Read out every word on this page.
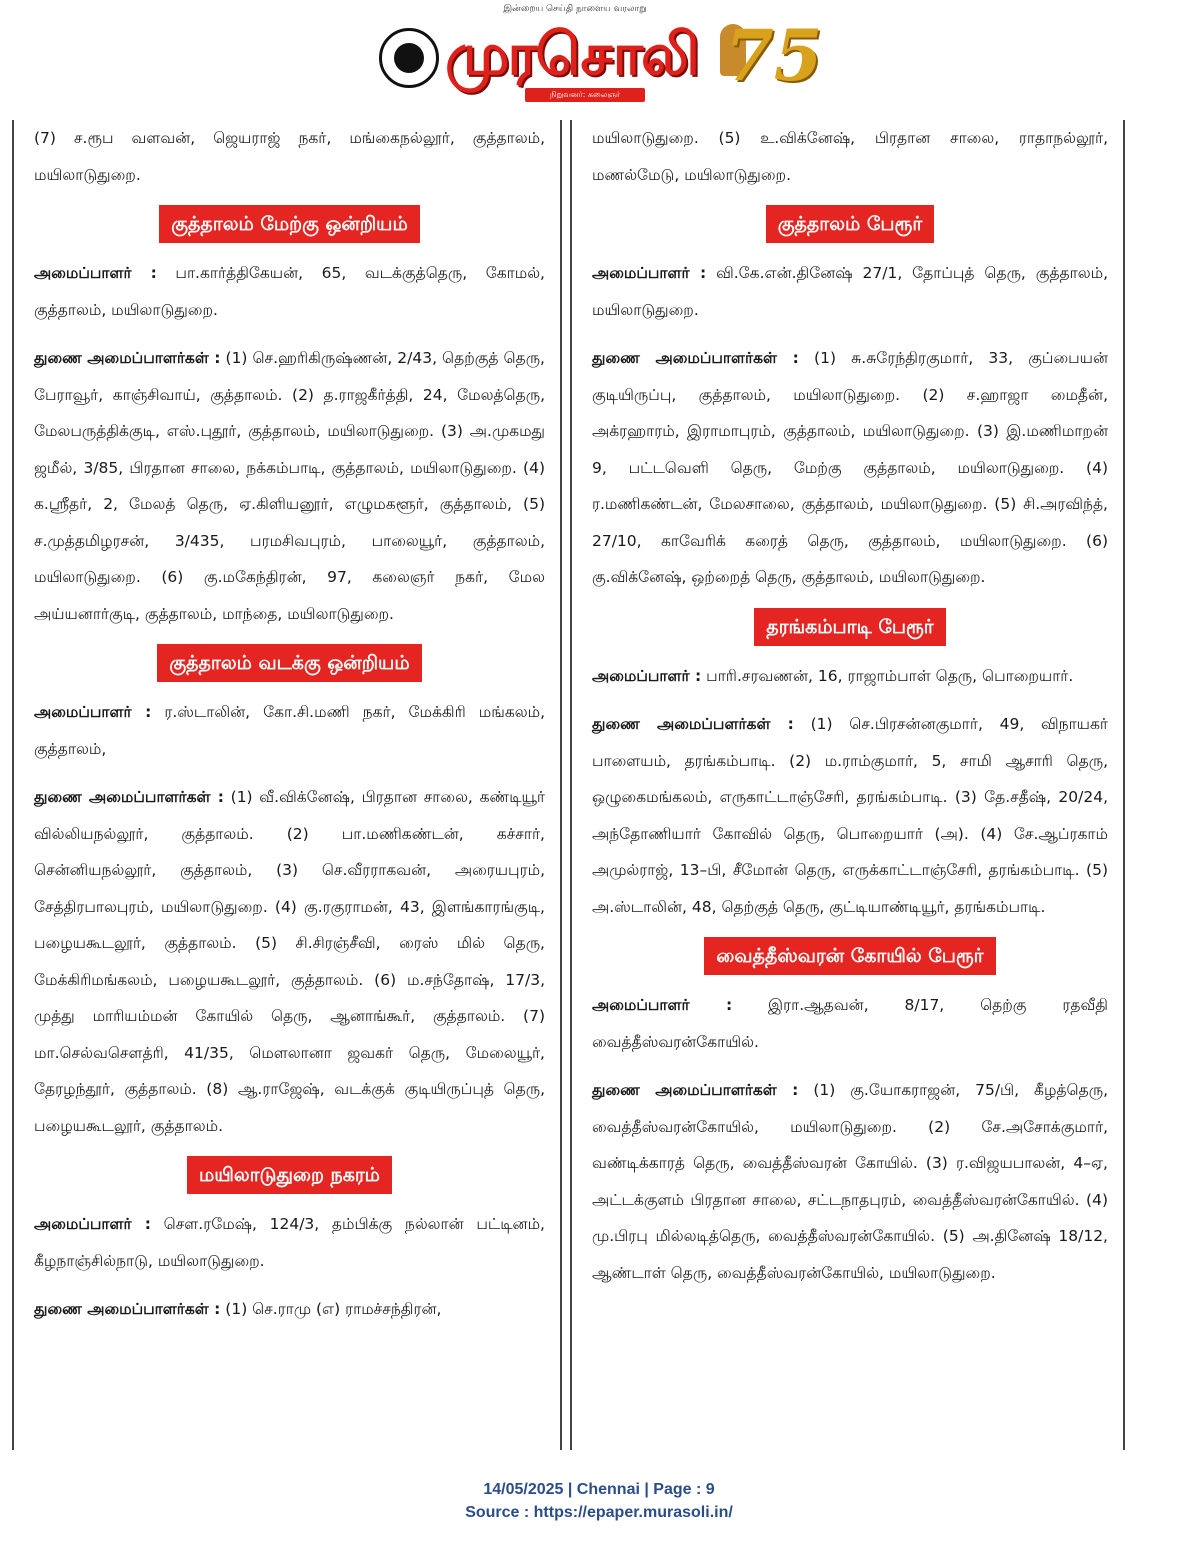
இன்றைய செய்தி நாளைய வரலாறு
முரசொலி
நிறுவனர்: கலைஞர் மு.கருணாநிதி
75

(7) ச.ரூப வளவன், ஜெயராஜ் நகர், மங்கைநல்லூர், குத்தாலம், மயிலாடுதுறை.

குத்தாலம் மேற்கு ஒன்றியம்

அமைப்பாளர் : பா.கார்த்திகேயன், 65, வடக்குத்தெரு, கோமல், குத்தாலம், மயிலாடுதுறை.

துணை அமைப்பாளர்கள் : (1) செ.ஹரிகிருஷ்ணன், 2/43, தெற்குத் தெரு, பேராவூர், காஞ்சிவாய், குத்தாலம். (2) த.ராஜகீர்த்தி, 24, மேலத்தெரு, மேலபருத்திக்குடி, எஸ்.புதூர், குத்தாலம், மயிலாடுதுறை. (3) அ.முகமது ஜமீல், 3/85, பிரதான சாலை, நக்கம்பாடி, குத்தாலம், மயிலாடுதுறை. (4) க.ஸ்ரீதர், 2, மேலத் தெரு, ஏ.கிளியனூர், எழுமகளூர், குத்தாலம், (5) ச.முத்தமிழரசன், 3/435, பரமசிவபுரம், பாலையூர், குத்தாலம், மயிலாடுதுறை. (6) கு.மகேந்திரன், 97, கலைஞர் நகர், மேல அய்யனார்குடி, குத்தாலம், மாந்தை, மயிலாடுதுறை.

குத்தாலம் வடக்கு ஒன்றியம்

அமைப்பாளர் : ர.ஸ்டாலின், கோ.சி.மணி நகர், மேக்கிரி மங்கலம், குத்தாலம்,

துணை அமைப்பாளர்கள் : (1) வீ.விக்னேஷ், பிரதான சாலை, கண்டியூர் வில்லியநல்லூர், குத்தாலம். (2) பா.மணிகண்டன், கச்சார், சென்னியநல்லூர், குத்தாலம், (3) செ.வீரராகவன், அரையபுரம், சேத்திரபாலபுரம், மயிலாடுதுறை. (4) கு.ரகுராமன், 43, இளங்காரங்குடி, பழையகூடலூர், குத்தாலம். (5) சி.சிரஞ்சீவி, ரைஸ் மில் தெரு, மேக்கிரிமங்கலம், பழையகூடலூர், குத்தாலம். (6) ம.சந்தோஷ், 17/3, முத்து மாரியம்மன் கோயில் தெரு, ஆனாங்கூர், குத்தாலம். (7) மா.செல்வசௌத்ரி, 41/35, மௌலானா ஜவகர் தெரு, மேலையூர், தேரழந்தூர், குத்தாலம். (8) ஆ.ராஜேஷ், வடக்குக் குடியிருப்புத் தெரு, பழையகூடலூர், குத்தாலம்.

மயிலாடுதுறை நகரம்

அமைப்பாளர் : சௌ.ரமேஷ், 124/3, தம்பிக்கு நல்லான் பட்டினம், கீழநாஞ்சில்நாடு, மயிலாடுதுறை.

துணை அமைப்பாளர்கள் : (1) செ.ராமு (எ) ராமச்சந்திரன்,

மயிலாடுதுறை. (5) உ.விக்னேஷ், பிரதான சாலை, ராதாநல்லூர், மணல்மேடு, மயிலாடுதுறை.

குத்தாலம் பேரூர்

அமைப்பாளர் : வி.கே.என்.தினேஷ் 27/1, தோப்புத் தெரு, குத்தாலம், மயிலாடுதுறை.

துணை அமைப்பாளர்கள் : (1) சு.சுரேந்திரகுமார், 33, குப்பையன் குடியிருப்பு, குத்தாலம், மயிலாடுதுறை. (2) ச.ஹாஜா மைதீன், அக்ரஹாரம், இராமாபுரம், குத்தாலம், மயிலாடுதுறை. (3) இ.மணிமாறன் 9, பட்டவெளி தெரு, மேற்கு குத்தாலம், மயிலாடுதுறை. (4) ர.மணிகண்டன், மேலசாலை, குத்தாலம், மயிலாடுதுறை. (5) சி.அரவிந்த், 27/10, காவேரிக் கரைத் தெரு, குத்தாலம், மயிலாடுதுறை. (6) கு.விக்னேஷ், ஒற்றைத் தெரு, குத்தாலம், மயிலாடுதுறை.

தரங்கம்பாடி பேரூர்

அமைப்பாளர் : பாரி.சரவணன், 16, ராஜாம்பாள் தெரு, பொறையார்.

துணை அமைப்பளர்கள் : (1) செ.பிரசன்னகுமார், 49, விநாயகர் பாளையம், தரங்கம்பாடி. (2) ம.ராம்குமார், 5, சாமி ஆசாரி தெரு, ஒழுகைமங்கலம், எருகாட்டாஞ்சேரி, தரங்கம்பாடி. (3) தே.சதீஷ், 20/24, அந்தோணியார் கோவில் தெரு, பொறையார் (அ). (4) சே.ஆப்ரகாம் அமுல்ராஜ், 13–பி, சீமோன் தெரு, எருக்காட்டாஞ்சேரி, தரங்கம்பாடி. (5) அ.ஸ்டாலின், 48, தெற்குத் தெரு, குட்டியாண்டியூர், தரங்கம்பாடி.

வைத்தீஸ்வரன் கோயில் பேரூர்

அமைப்பாளர் : இரா.ஆதவன், 8/17, தெற்கு ரதவீதி வைத்தீஸ்வரன்கோயில்.

துணை அமைப்பாளர்கள் : (1) கு.யோகராஜன், 75/பி, கீழத்தெரு, வைத்தீஸ்வரன்கோயில், மயிலாடுதுறை. (2) சே.அசோக்குமார், வண்டிக்காரத் தெரு, வைத்தீஸ்வரன் கோயில். (3) ர.விஜயபாலன், 4–ஏ, அட்டக்குளம் பிரதான சாலை, சட்டநாதபுரம், வைத்தீஸ்வரன்கோயில். (4) மு.பிரபு மில்லடித்தெரு, வைத்தீஸ்வரன்கோயில். (5) அ.தினேஷ் 18/12, ஆண்டாள் தெரு, வைத்தீஸ்வரன்கோயில், மயிலாடுதுறை.

14/05/2025 | Chennai | Page : 9
Source : https://epaper.murasoli.in/
